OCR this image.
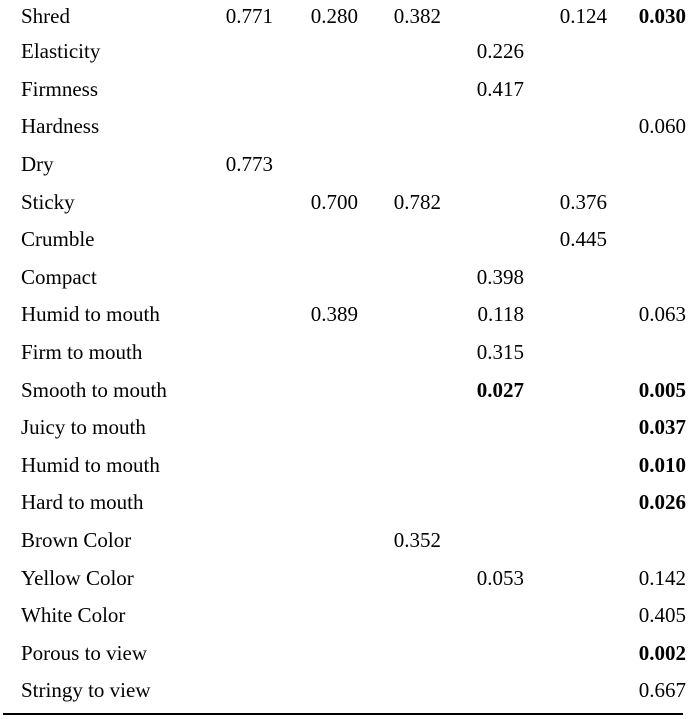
Shred	0.771	0.280	0.382		0.124	0.030
Elasticity				0.226		
Firmness				0.417		
Hardness						0.060
Dry	0.773					
Sticky		0.700	0.782		0.376	
Crumble					0.445	
Compact				0.398		
Humid to mouth		0.389		0.118		0.063
Firm to mouth				0.315		
Smooth to mouth				0.027		0.005
Juicy to mouth						0.037
Humid to mouth						0.010
Hard to mouth						0.026
Brown Color			0.352			
Yellow Color				0.053		0.142
White Color						0.405
Porous to view						0.002
Stringy to view						0.667
